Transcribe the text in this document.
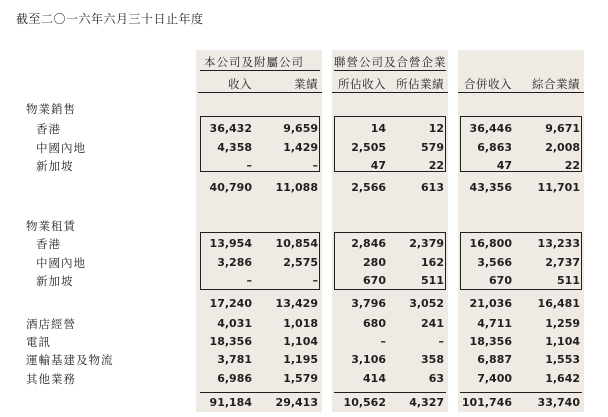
截至二〇一六年六月三十日止年度
本公司及附屬公司	聯營公司及合營企業
收入	業績	所佔收入 所佔業績	合併收入	綜合業績
物業銷售
香港	36,432	9,659	14	12	36,446	9,671
中國內地	4,358	1,429	2,505	579	6,863	2,008
新加坡	–	–	47	22	47	22
40,790	11,088	2,566	613	43,356	11,701
物業租賃
香港	13,954	10,854	2,846	2,379	16,800	13,233
中國內地	3,286	2,575	280	162	3,566	2,737
新加坡	–	–	670	511	670	511
17,240	13,429	3,796	3,052	21,036	16,481
酒店經營	4,031	1,018	680	241	4,711	1,259
電訊	18,356	1,104	–	–	18,356	1,104
運輸基建及物流	3,781	1,195	3,106	358	6,887	1,553
其他業務	6,986	1,579	414	63	7,400	1,642
91,184	29,413	10,562	4,327	101,746	33,740
